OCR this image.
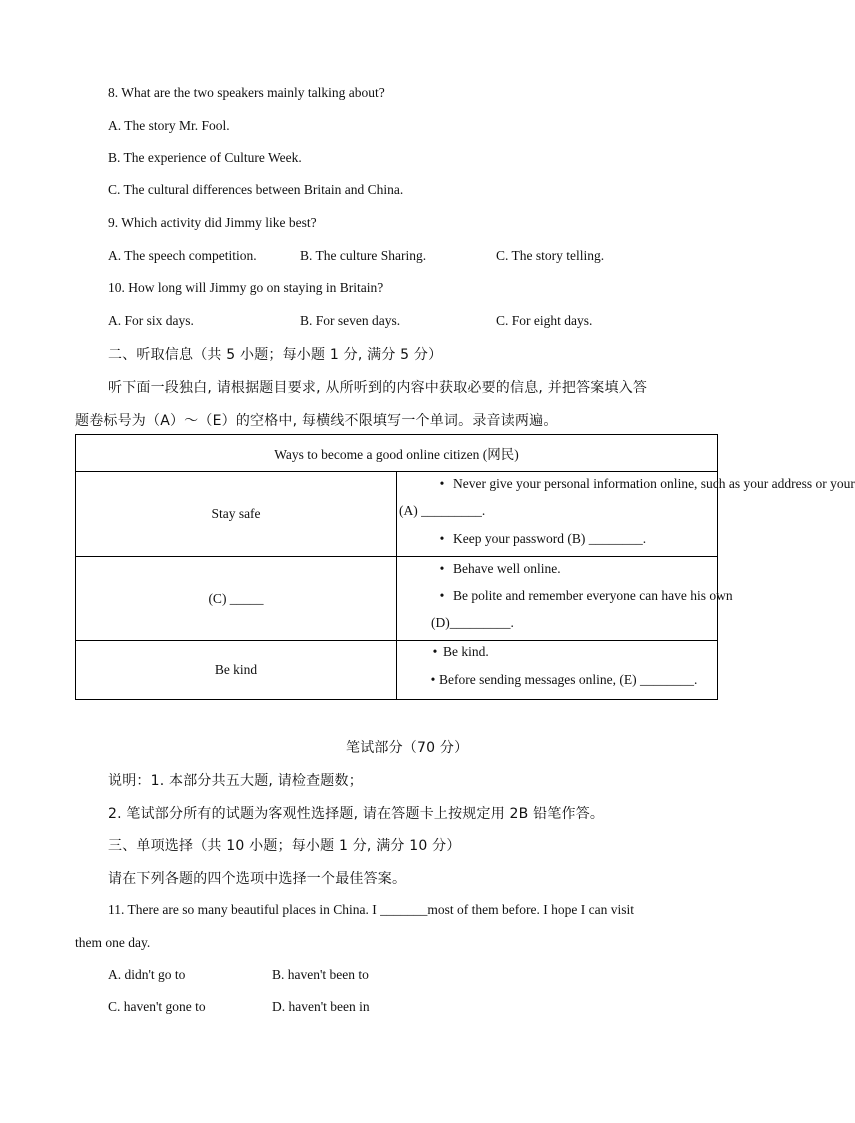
8. What are the two speakers mainly talking about?
A. The story Mr. Fool.
B. The experience of Culture Week.
C. The cultural differences between Britain and China.
9. Which activity did Jimmy like best?
A. The speech competition.	B. The culture Sharing.	C. The story telling.
10. How long will Jimmy go on staying in Britain?
A. For six days.	B. For seven days.	C. For eight days.
二、听取信息（共 5 小题；每小题 1 分, 满分 5 分）
听下面一段独白, 请根据题目要求, 从所听到的内容中获取必要的信息, 并把答案填入答
题卷标号为（A）～（E）的空格中, 每横线不限填写一个单词。录音读两遍。
Ways to become a good online citizen (网民)	
Stay safe	• Never give your personal information online, such as your address or your
(A) _________.
• Keep your password (B) ________.

(C) _____	• Behave well online.
• Be polite and remember everyone can have his own
(D)_________.

Be kind	• Be kind.
• Before sending messages online, (E) ________.
笔试部分（70 分）
说明：1. 本部分共五大题, 请检查题数；
2. 笔试部分所有的试题为客观性选择题, 请在答题卡上按规定用 2B 铅笔作答。
三、单项选择（共 10 小题；每小题 1 分, 满分 10 分）
请在下列各题的四个选项中选择一个最佳答案。
11. There are so many beautiful places in China. I _______most of them before. I hope I can visit
them one day.
A. didn't go to	B. haven't been to
C. haven't gone to	D. haven't been in
